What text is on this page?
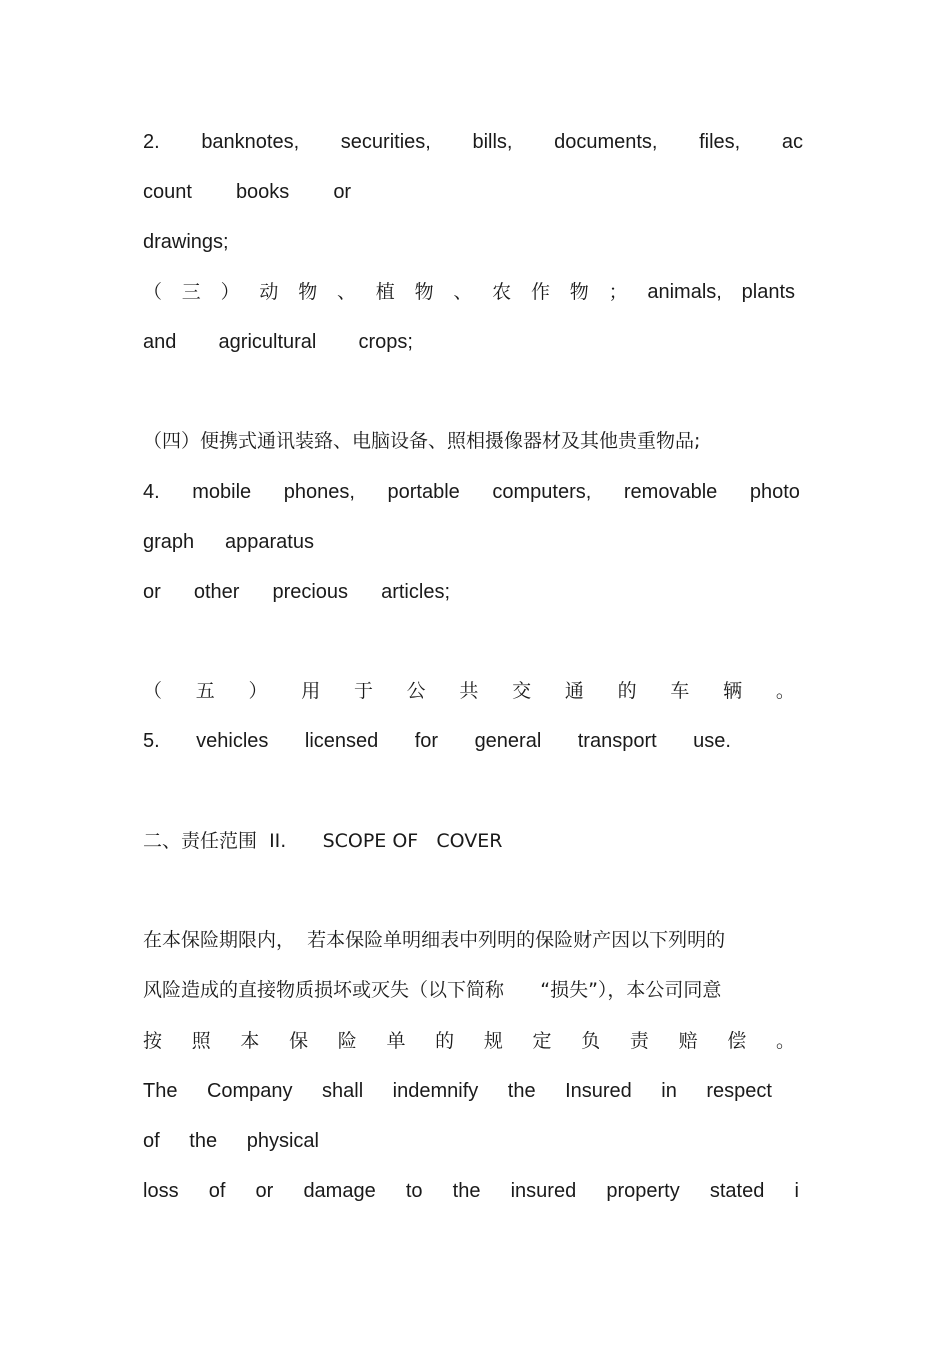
2. banknotes, securities, bills, documents, files, ac
count books or
drawings;
（ 三 ） 动 物 、 植 物 、 农 作 物 ； animals, plants
and agricultural crops;
（四）便携式通讯装臵、电脑设备、照相摄像器材及其他贵重物品;
4. mobile phones, portable computers, removable photo
graph apparatus
or other precious articles;
（ 五 ） 用 于 公 共 交 通 的 车 辆 。
5. vehicles licensed for general transport use.
二、责任范围  II.      SCOPE OF   COVER
在本保险期限内，  若本保险单明细表中列明的保险财产因以下列明的
风险造成的直接物质损坏或灭失（以下简称      “损失”），本公司同意
按 照 本 保 险 单 的 规 定 负 责 赔 偿 。
The Company shall indemnify the Insured in respect
of the physical
loss of or damage to the insured property stated i
